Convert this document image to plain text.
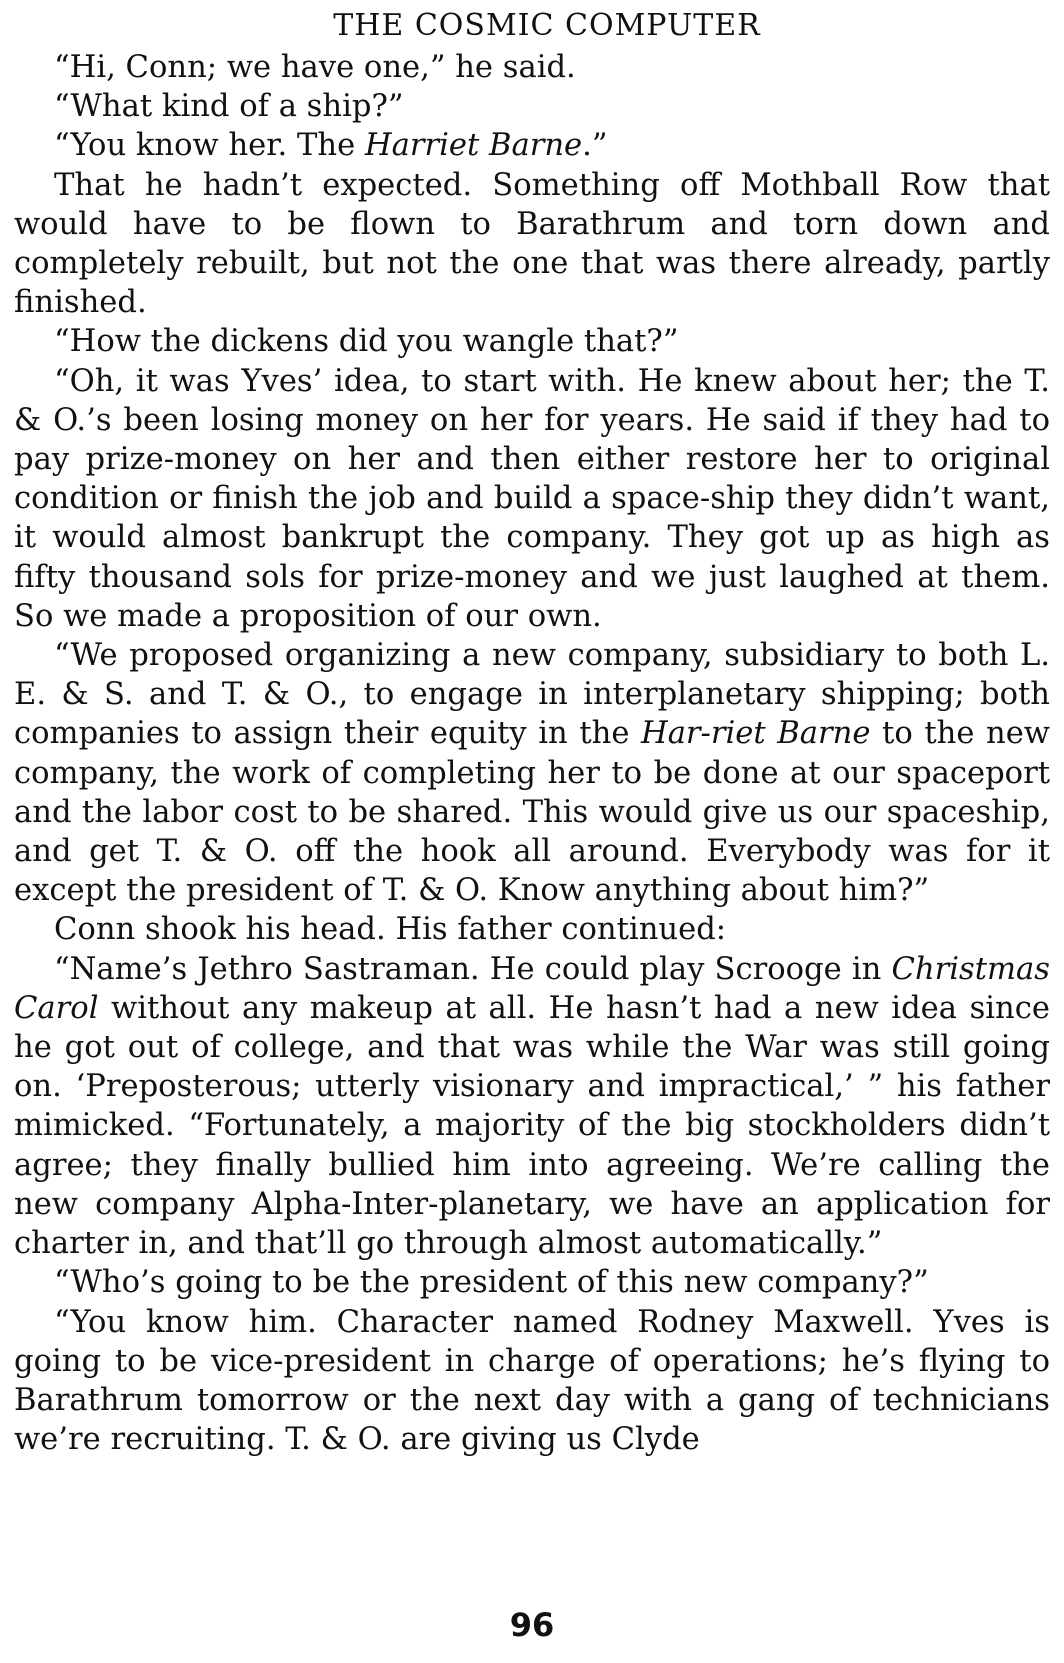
THE COSMIC COMPUTER

“Hi, Conn; we have one,” he said.

“What kind of a ship?”

“You know her. The Harriet Barne.”

That he hadn’t expected. Something off Mothball Row that would have to be flown to Barathrum and torn down and completely rebuilt, but not the one that was there already, partly finished.

“How the dickens did you wangle that?”

“Oh, it was Yves’ idea, to start with. He knew about her; the T. & O.’s been losing money on her for years. He said if they had to pay prize-money on her and then either restore her to original condition or finish the job and build a space-ship they didn’t want, it would almost bankrupt the company. They got up as high as fifty thousand sols for prize-money and we just laughed at them. So we made a proposition of our own.

“We proposed organizing a new company, subsidiary to both L. E. & S. and T. & O., to engage in interplanetary shipping; both companies to assign their equity in the Har-riet Barne to the new company, the work of completing her to be done at our spaceport and the labor cost to be shared. This would give us our spaceship, and get T. & O. off the hook all around. Everybody was for it except the president of T. & O. Know anything about him?”

Conn shook his head. His father continued:

“Name’s Jethro Sastraman. He could play Scrooge in Christmas Carol without any makeup at all. He hasn’t had a new idea since he got out of college, and that was while the War was still going on. ‘Preposterous; utterly visionary and impractical,’ ” his father mimicked. “Fortunately, a majority of the big stockholders didn’t agree; they finally bullied him into agreeing. We’re calling the new company Alpha-Inter-planetary, we have an application for charter in, and that’ll go through almost automatically.”

“Who’s going to be the president of this new company?”

“You know him. Character named Rodney Maxwell. Yves is going to be vice-president in charge of operations; he’s flying to Barathrum tomorrow or the next day with a gang of technicians we’re recruiting. T. & O. are giving us Clyde

96
